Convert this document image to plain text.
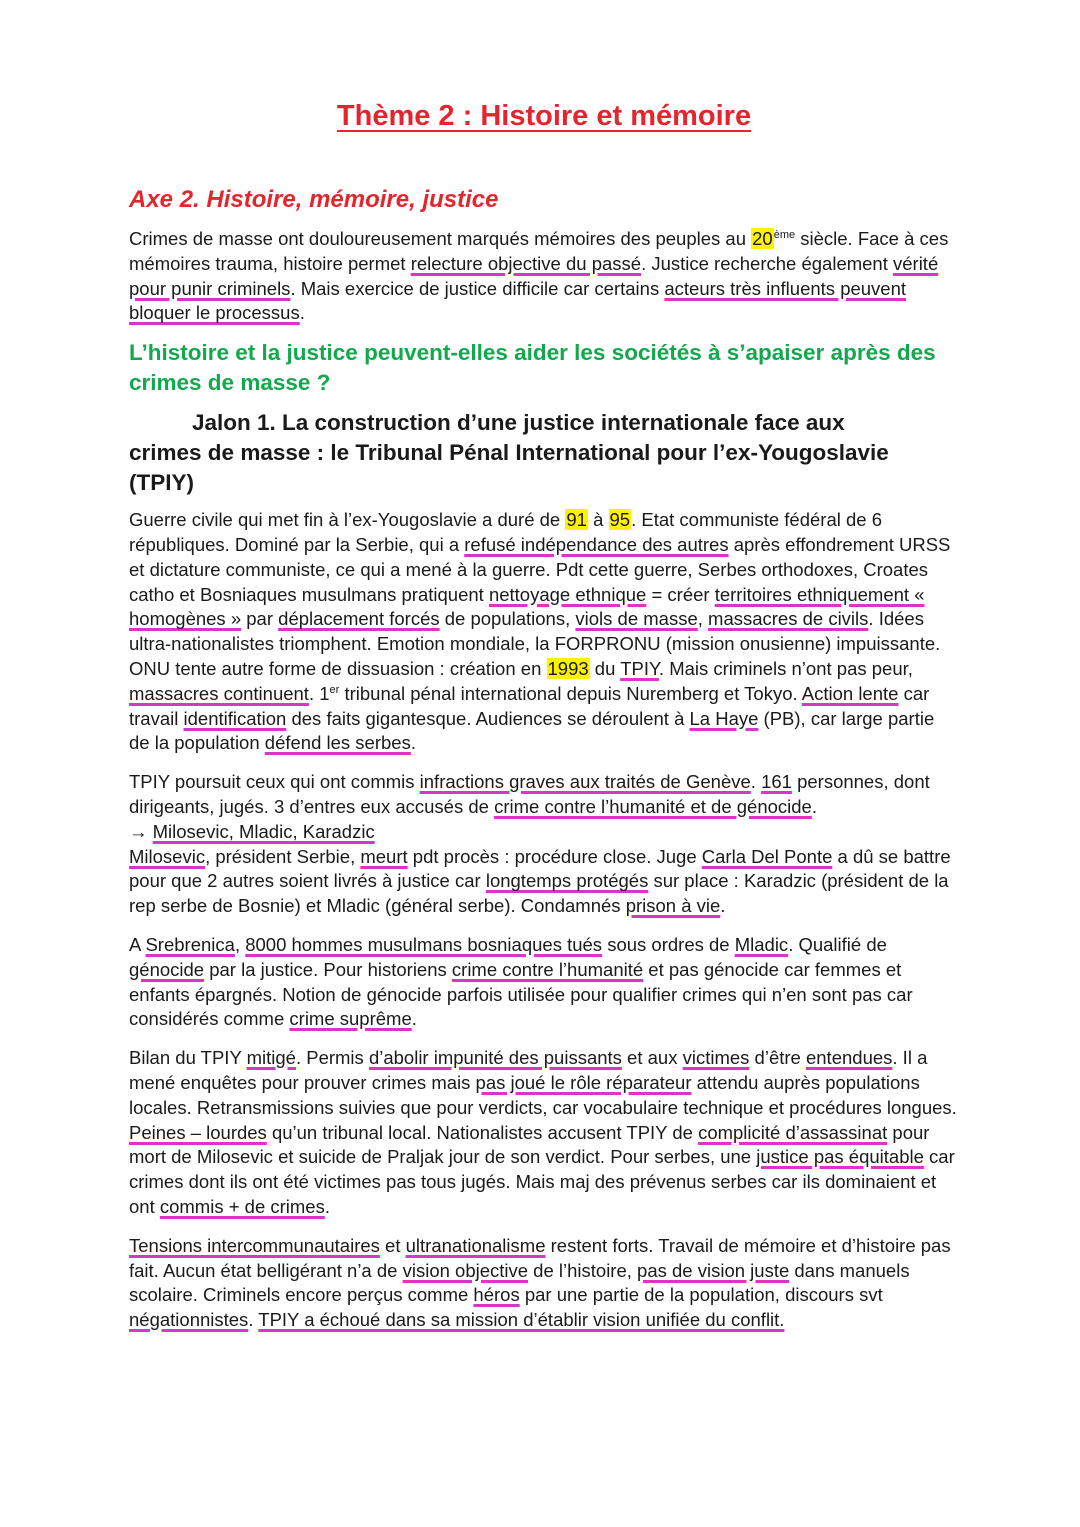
Thème 2 : Histoire et mémoire
Axe 2. Histoire, mémoire, justice

Crimes de masse ont douloureusement marqués mémoires des peuples au 20ème siècle. Face à ces mémoires trauma, histoire permet relecture objective du passé. Justice recherche également vérité pour punir criminels. Mais exercice de justice difficile car certains acteurs très influents peuvent bloquer le processus.

L’histoire et la justice peuvent-elles aider les sociétés à s’apaiser après des crimes de masse ?
Jalon 1. La construction d’une justice internationale face aux
crimes de masse : le Tribunal Pénal International pour l’ex-Yougoslavie (TPIY)

Guerre civile qui met fin à l’ex-Yougoslavie a duré de 91 à 95. Etat communiste fédéral de 6 républiques. Dominé par la Serbie, qui a refusé indépendance des autres après effondrement URSS et dictature communiste, ce qui a mené à la guerre. Pdt cette guerre, Serbes orthodoxes, Croates catho et Bosniaques musulmans pratiquent nettoyage ethnique = créer territoires ethniquement « homogènes » par déplacement forcés de populations, viols de masse, massacres de civils. Idées ultra-nationalistes triomphent. Emotion mondiale, la FORPRONU (mission onusienne) impuissante. ONU tente autre forme de dissuasion : création en 1993 du TPIY. Mais criminels n’ont pas peur, massacres continuent. 1er tribunal pénal international depuis Nuremberg et Tokyo. Action lente car travail identification des faits gigantesque. Audiences se déroulent à La Haye (PB), car large partie de la population défend les serbes.

TPIY poursuit ceux qui ont commis infractions graves aux traités de Genève. 161 personnes, dont dirigeants, jugés. 3 d’entres eux accusés de crime contre l’humanité et de génocide.
→ Milosevic, Mladic, Karadzic
Milosevic, président Serbie, meurt pdt procès : procédure close. Juge Carla Del Ponte a dû se battre pour que 2 autres soient livrés à justice car longtemps protégés sur place : Karadzic (président de la rep serbe de Bosnie) et Mladic (général serbe). Condamnés prison à vie.

A Srebrenica, 8000 hommes musulmans bosniaques tués sous ordres de Mladic. Qualifié de génocide par la justice. Pour historiens crime contre l’humanité et pas génocide car femmes et enfants épargnés. Notion de génocide parfois utilisée pour qualifier crimes qui n’en sont pas car considérés comme crime suprême.

Bilan du TPIY mitigé. Permis d’abolir impunité des puissants et aux victimes d’être entendues. Il a mené enquêtes pour prouver crimes mais pas joué le rôle réparateur attendu auprès populations locales. Retransmissions suivies que pour verdicts, car vocabulaire technique et procédures longues. Peines – lourdes qu’un tribunal local. Nationalistes accusent TPIY de complicité d’assassinat pour mort de Milosevic et suicide de Praljak jour de son verdict. Pour serbes, une justice pas équitable car crimes dont ils ont été victimes pas tous jugés. Mais maj des prévenus serbes car ils dominaient et ont commis + de crimes.

Tensions intercommunautaires et ultranationalisme restent forts. Travail de mémoire et d’histoire pas fait. Aucun état belligérant n’a de vision objective de l’histoire, pas de vision juste dans manuels scolaire. Criminels encore perçus comme héros par une partie de la population, discours svt négationnistes. TPIY a échoué dans sa mission d’établir vision unifiée du conflit.
